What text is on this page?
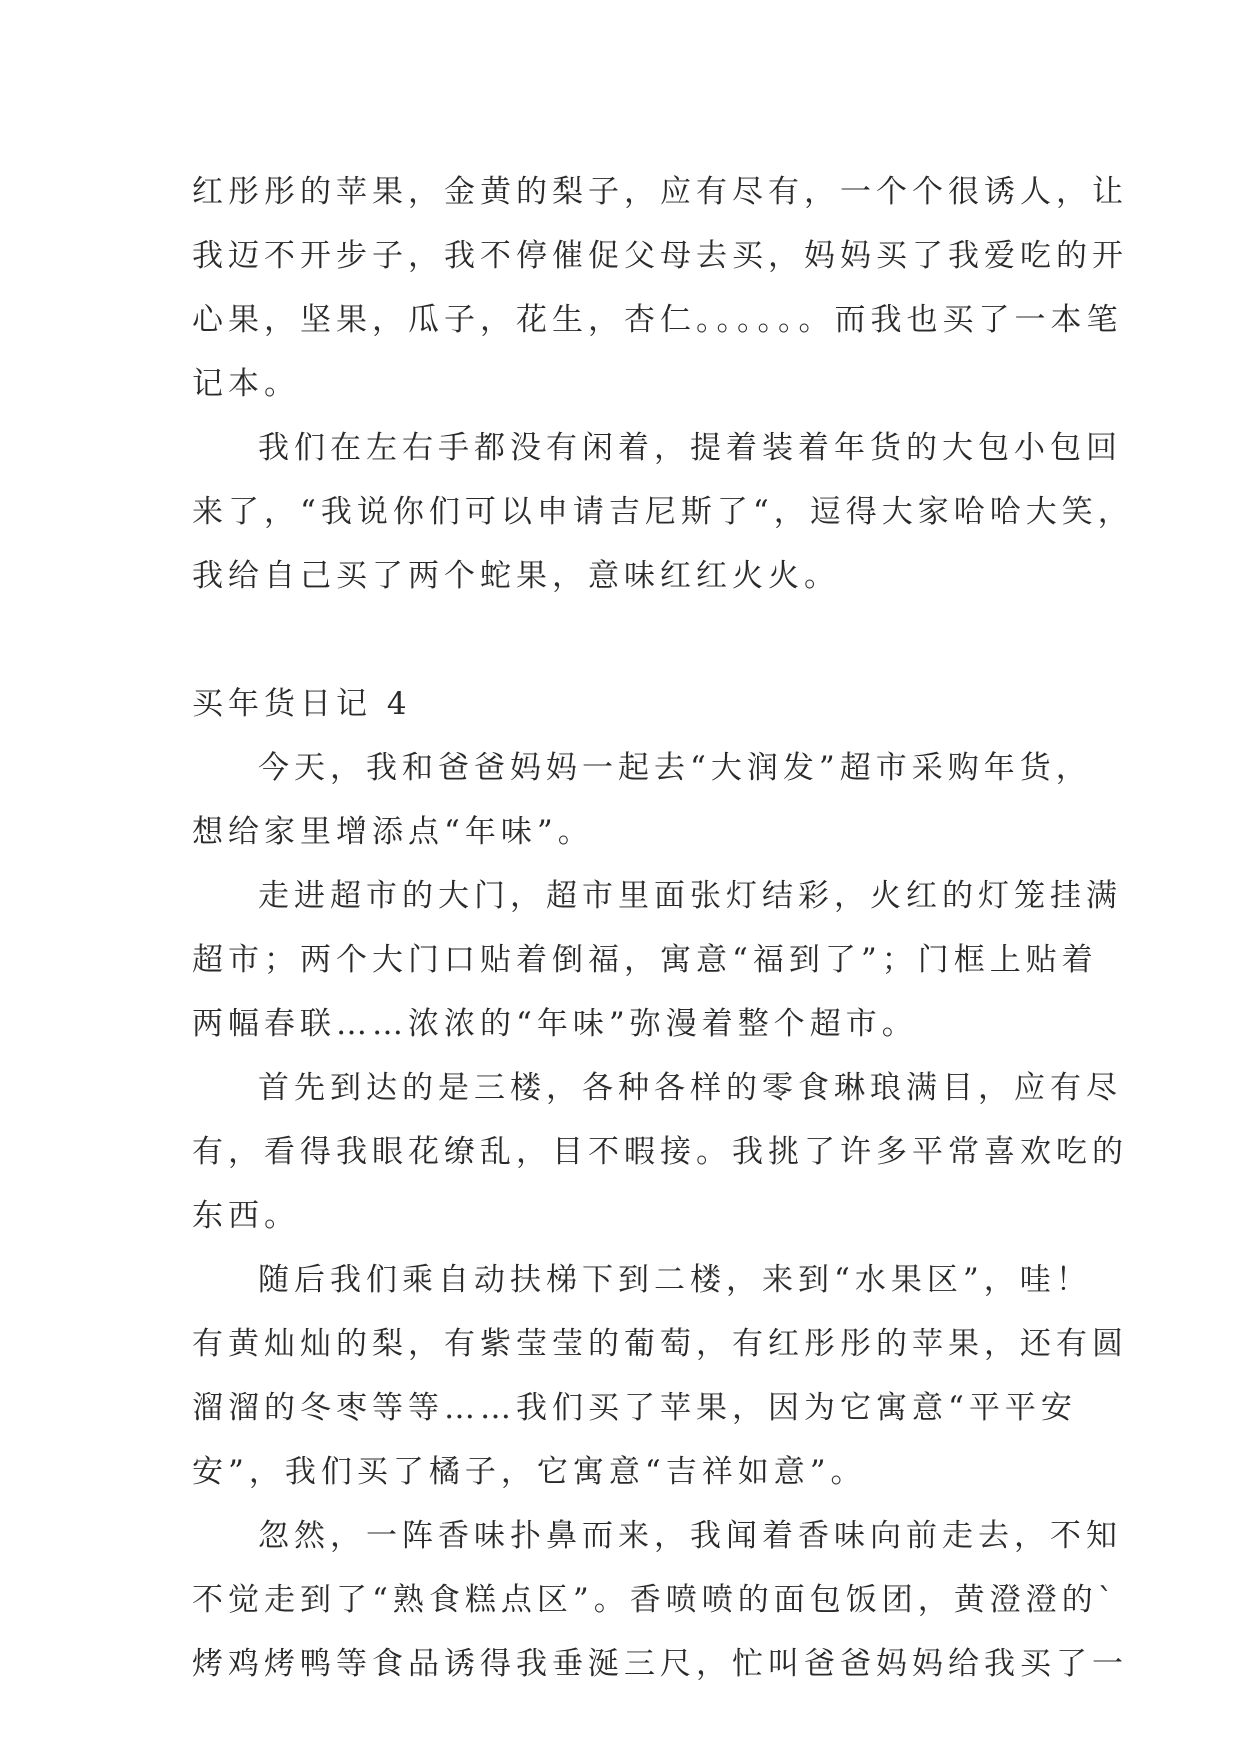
红彤彤的苹果，金黄的梨子，应有尽有，一个个很诱人，让
我迈不开步子，我不停催促父母去买，妈妈买了我爱吃的开
心果，坚果，瓜子，花生，杏仁。。。。。。而我也买了一本笔
记本。
我们在左右手都没有闲着，提着装着年货的大包小包回
来了，“我说你们可以申请吉尼斯了“，逗得大家哈哈大笑，
我给自己买了两个蛇果，意味红红火火。
买年货日记 4
今天，我和爸爸妈妈一起去“大润发”超市采购年货，
想给家里增添点“年味”。
走进超市的大门，超市里面张灯结彩，火红的灯笼挂满
超市；两个大门口贴着倒福，寓意“福到了”；门框上贴着
两幅春联……浓浓的“年味”弥漫着整个超市。
首先到达的是三楼，各种各样的零食琳琅满目，应有尽
有，看得我眼花缭乱，目不暇接。我挑了许多平常喜欢吃的
东西。
随后我们乘自动扶梯下到二楼，来到“水果区”，哇！
有黄灿灿的梨，有紫莹莹的葡萄，有红彤彤的苹果，还有圆
溜溜的冬枣等等……我们买了苹果，因为它寓意“平平安
安”，我们买了橘子，它寓意“吉祥如意”。
忽然，一阵香味扑鼻而来，我闻着香味向前走去，不知
不觉走到了“熟食糕点区”。香喷喷的面包饭团，黄澄澄的`
烤鸡烤鸭等食品诱得我垂涎三尺，忙叫爸爸妈妈给我买了一
